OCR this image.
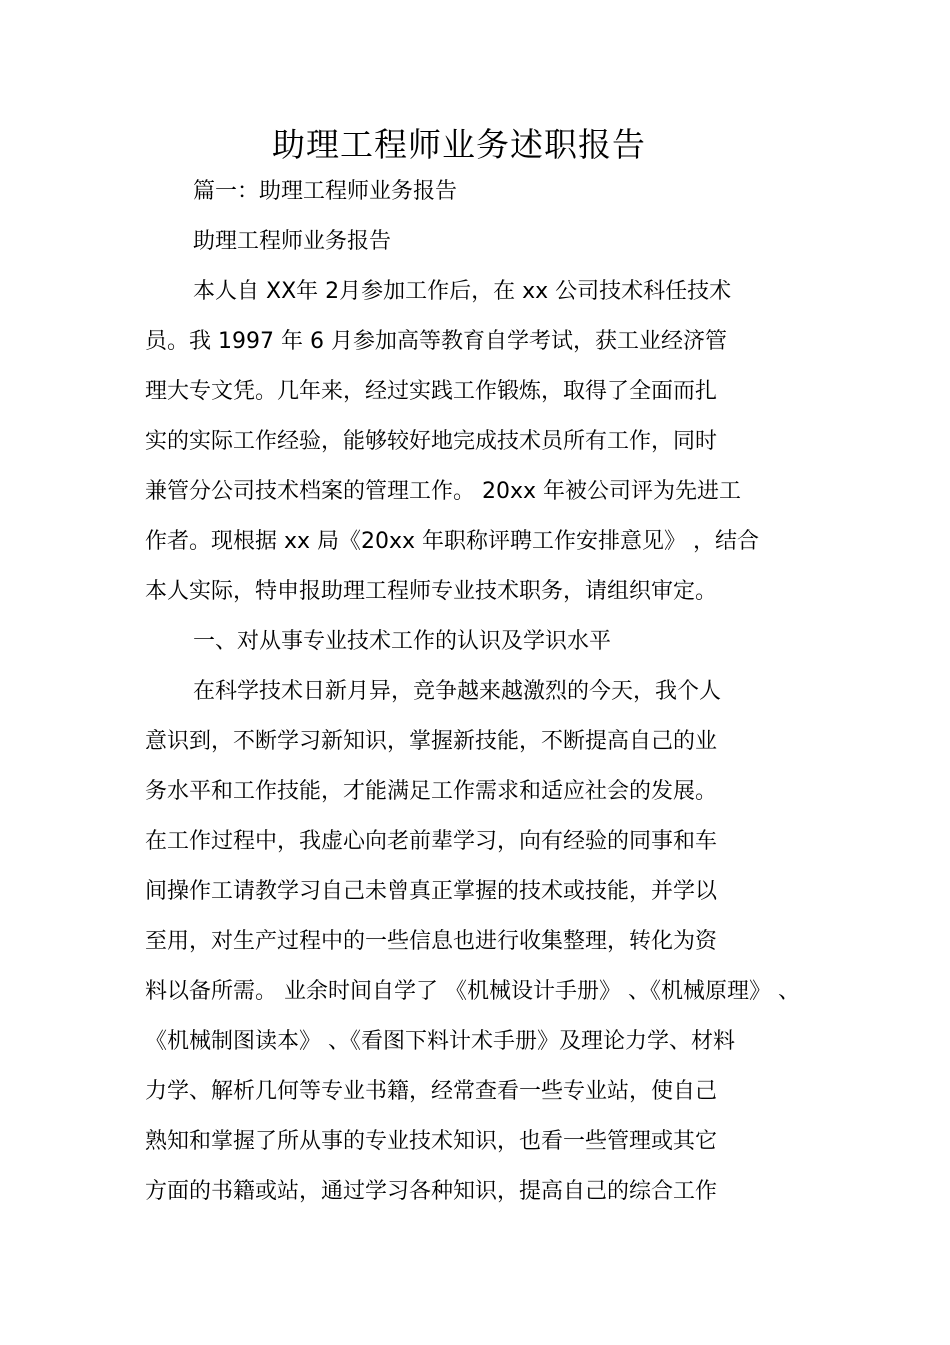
助理工程师业务述职报告
篇一：助理工程师业务报告
助理工程师业务报告
本人自 XX年 2月参加工作后，在 xx 公司技术科任技术
员。我 1997 年 6 月参加高等教育自学考试，获工业经济管
理大专文凭。几年来，经过实践工作锻炼，取得了全面而扎
实的实际工作经验，能够较好地完成技术员所有工作，同时
兼管分公司技术档案的管理工作。 20xx 年被公司评为先进工
作者。现根据 xx 局《20xx 年职称评聘工作安排意见》 ，结合
本人实际，特申报助理工程师专业技术职务，请组织审定。
一、对从事专业技术工作的认识及学识水平
在科学技术日新月异，竞争越来越激烈的今天，我个人
意识到，不断学习新知识，掌握新技能，不断提高自己的业
务水平和工作技能，才能满足工作需求和适应社会的发展。
在工作过程中，我虚心向老前辈学习，向有经验的同事和车
间操作工请教学习自己未曾真正掌握的技术或技能，并学以
至用，对生产过程中的一些信息也进行收集整理，转化为资
料以备所需。 业余时间自学了 《机械设计手册》 、《机械原理》 、
《机械制图读本》 、《看图下料计术手册》及理论力学、材料
力学、解析几何等专业书籍，经常查看一些专业站，使自己
熟知和掌握了所从事的专业技术知识，也看一些管理或其它
方面的书籍或站，通过学习各种知识，提高自己的综合工作
